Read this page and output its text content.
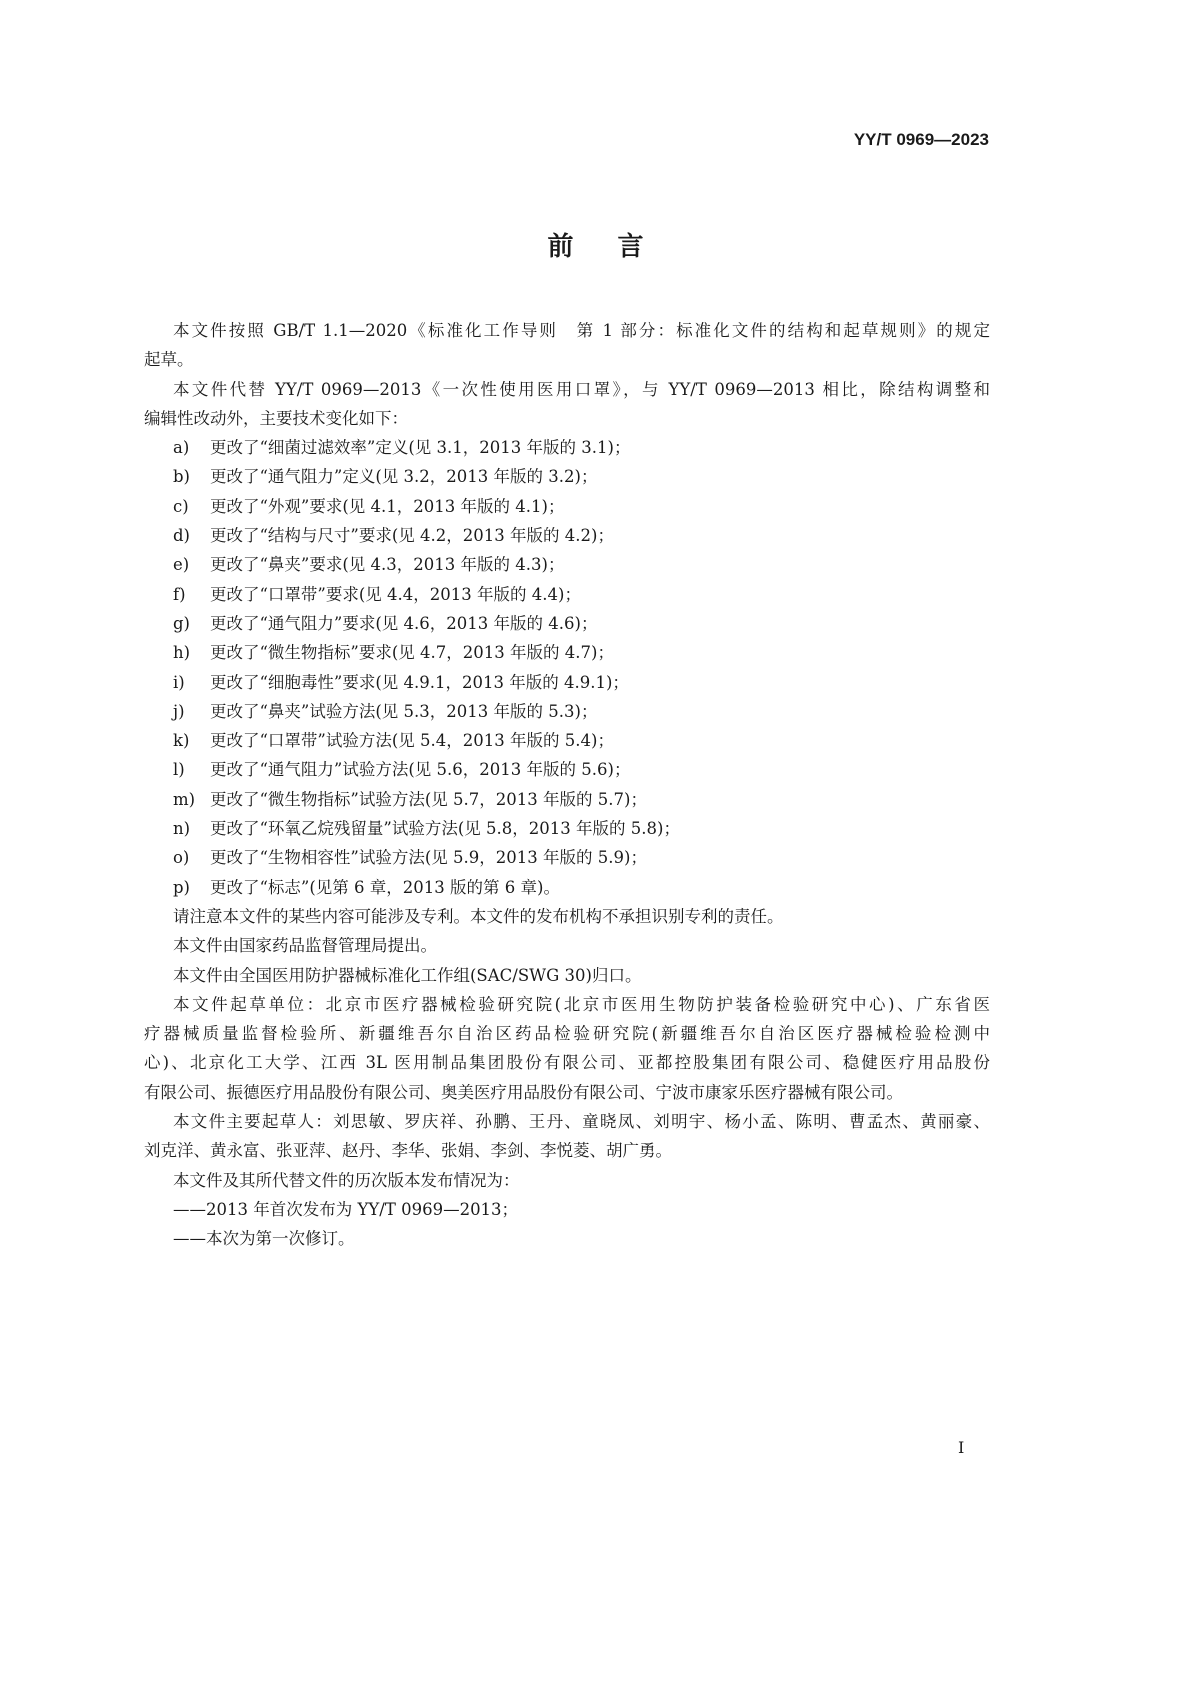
YY/T 0969—2023
前言
本文件按照 GB/T 1.1—2020《标准化工作导则　第 1 部分：标准化文件的结构和起草规则》的规定
起草。
本文件代替 YY/T 0969—2013《一次性使用医用口罩》，与 YY/T 0969—2013 相比，除结构调整和
编辑性改动外，主要技术变化如下：
a)	更改了“细菌过滤效率”定义(见 3.1，2013 年版的 3.1)；
b)	更改了“通气阻力”定义(见 3.2，2013 年版的 3.2)；
c)	更改了“外观”要求(见 4.1，2013 年版的 4.1)；
d)	更改了“结构与尺寸”要求(见 4.2，2013 年版的 4.2)；
e)	更改了“鼻夹”要求(见 4.3，2013 年版的 4.3)；
f)	更改了“口罩带”要求(见 4.4，2013 年版的 4.4)；
g)	更改了“通气阻力”要求(见 4.6，2013 年版的 4.6)；
h)	更改了“微生物指标”要求(见 4.7，2013 年版的 4.7)；
i)	更改了“细胞毒性”要求(见 4.9.1，2013 年版的 4.9.1)；
j)	更改了“鼻夹”试验方法(见 5.3，2013 年版的 5.3)；
k)	更改了“口罩带”试验方法(见 5.4，2013 年版的 5.4)；
l)	更改了“通气阻力”试验方法(见 5.6，2013 年版的 5.6)；
m) 更改了“微生物指标”试验方法(见 5.7，2013 年版的 5.7)；
n)	更改了“环氧乙烷残留量”试验方法(见 5.8，2013 年版的 5.8)；
o)	更改了“生物相容性”试验方法(见 5.9，2013 年版的 5.9)；
p)	更改了“标志”(见第 6 章，2013 版的第 6 章)。
请注意本文件的某些内容可能涉及专利。本文件的发布机构不承担识别专利的责任。
本文件由国家药品监督管理局提出。
本文件由全国医用防护器械标准化工作组(SAC/SWG 30)归口。
本文件起草单位：北京市医疗器械检验研究院(北京市医用生物防护装备检验研究中心)、广东省医
疗器械质量监督检验所、新疆维吾尔自治区药品检验研究院(新疆维吾尔自治区医疗器械检验检测中
心)、北京化工大学、江西 3L 医用制品集团股份有限公司、亚都控股集团有限公司、稳健医疗用品股份
有限公司、振德医疗用品股份有限公司、奥美医疗用品股份有限公司、宁波市康家乐医疗器械有限公司。
本文件主要起草人：刘思敏、罗庆祥、孙鹏、王丹、童晓凤、刘明宇、杨小孟、陈明、曹孟杰、黄丽豪、
刘克洋、黄永富、张亚萍、赵丹、李华、张娟、李剑、李悦菱、胡广勇。
本文件及其所代替文件的历次版本发布情况为：
——2013 年首次发布为 YY/T 0969—2013；
——本次为第一次修订。
I
